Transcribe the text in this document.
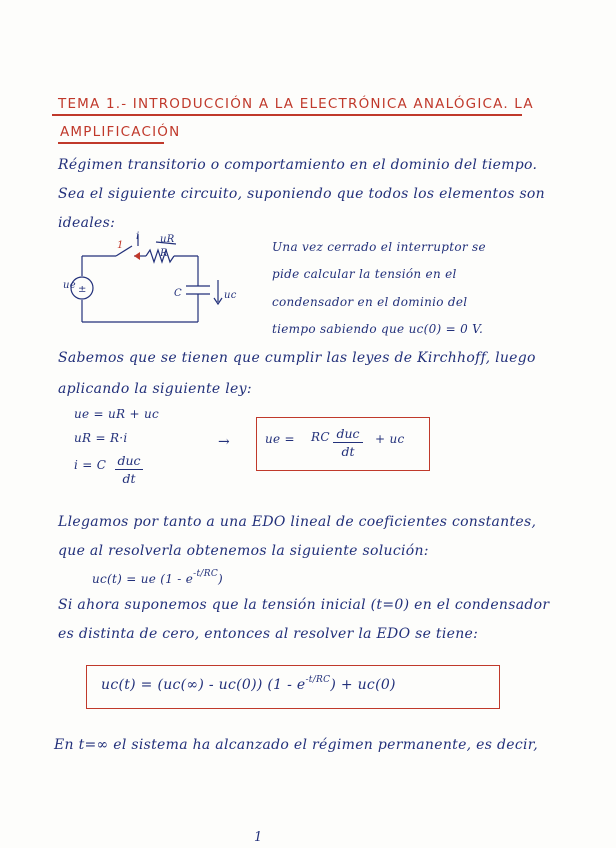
TEMA 1.- INTRODUCCIÓN A LA ELECTRÓNICA ANALÓGICA. LA
AMPLIFICACIÓN
Régimen transitorio o comportamiento en el dominio del tiempo.
Sea el siguiente circuito, suponiendo que todos los elementos son
ideales:
±
ue
i
1
uR
R
C	uc
Una vez cerrado el interruptor se
pide calcular la tensión en el
condensador en el dominio del
tiempo sabiendo que uc(0) = 0 V.
Sabemos que se tienen que cumplir las leyes de Kirchhoff, luego
aplicando la siguiente ley:
ue = uR + uc
uR = R·i
i = C duc
dt
→	ue = RC duc
dt
+ uc
Llegamos por tanto a una EDO lineal de coeficientes constantes,
que al resolverla obtenemos la siguiente solución:
uc(t) = ue $(1 - e^{-t/RC})$
Si ahora suponemos que la tensión inicial (t=0) en el condensador
es distinta de cero, entonces al resolver la EDO se tiene:
uc(t) = (uc(∞) - uc(0)) $(1 - e^{-t/RC}) + uc(0)$
En t=∞ el sistema ha alcanzado el régimen permanente, es decir,
1
